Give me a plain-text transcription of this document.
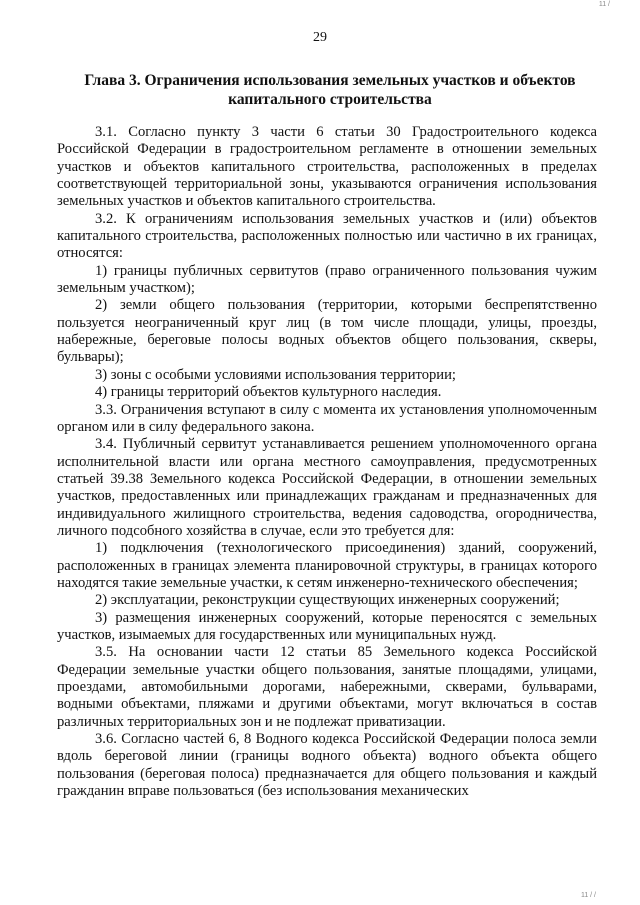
11 /
29
Глава 3. Ограничения использования земельных участков и объектов капитального строительства

3.1. Согласно пункту 3 части 6 статьи 30 Градостроительного кодекса Российской Федерации в градостроительном регламенте в отношении земельных участков и объектов капитального строительства, расположенных в пределах соответствующей территориальной зоны, указываются ограничения использования земельных участков и объектов капитального строительства.

3.2. К ограничениям использования земельных участков и (или) объектов капитального строительства, расположенных полностью или частично в их границах, относятся:

1) границы публичных сервитутов (право ограниченного пользования чужим земельным участком);

2) земли общего пользования (территории, которыми беспрепятственно пользуется неограниченный круг лиц (в том числе площади, улицы, проезды, набережные, береговые полосы водных объектов общего пользования, скверы, бульвары);

3) зоны с особыми условиями использования территории;

4) границы территорий объектов культурного наследия.

3.3. Ограничения вступают в силу с момента их установления уполномоченным органом или в силу федерального закона.

3.4. Публичный сервитут устанавливается решением уполномоченного органа исполнительной власти или органа местного самоуправления, предусмотренных статьей 39.38 Земельного кодекса Российской Федерации, в отношении земельных участков, предоставленных или принадлежащих гражданам и предназначенных для индивидуального жилищного строительства, ведения садоводства, огородничества, личного подсобного хозяйства в случае, если это требуется для:

1) подключения (технологического присоединения) зданий, сооружений, расположенных в границах элемента планировочной структуры, в границах которого находятся такие земельные участки, к сетям инженерно-технического обеспечения;

2) эксплуатации, реконструкции существующих инженерных сооружений;

3) размещения инженерных сооружений, которые переносятся с земельных участков, изымаемых для государственных или муниципальных нужд.

3.5. На основании части 12 статьи 85 Земельного кодекса Российской Федерации земельные участки общего пользования, занятые площадями, улицами, проездами, автомобильными дорогами, набережными, скверами, бульварами, водными объектами, пляжами и другими объектами, могут включаться в состав различных территориальных зон и не подлежат приватизации.

3.6. Согласно частей 6, 8 Водного кодекса Российской Федерации полоса земли вдоль береговой линии (границы водного объекта) водного объекта общего пользования (береговая полоса) предназначается для общего пользования и каждый гражданин вправе пользоваться (без использования механических

11 / /
